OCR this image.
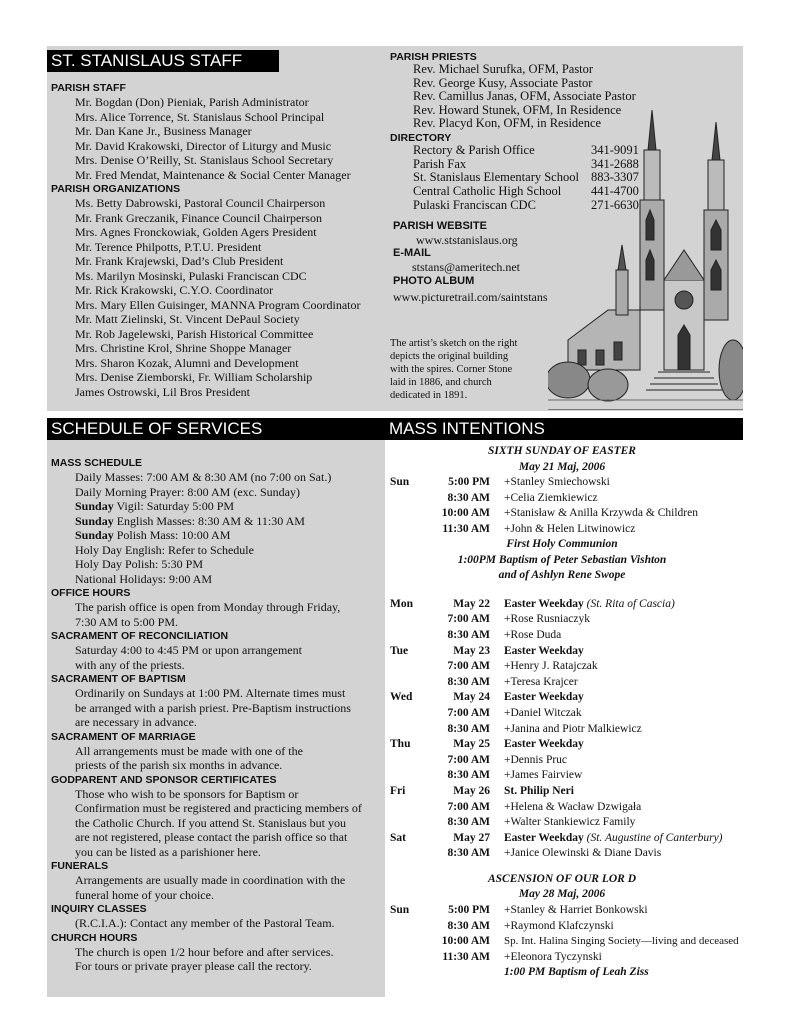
ST. STANISLAUS STAFF
PARISH STAFF
Mr. Bogdan (Don) Pieniak, Parish Administrator
Mrs. Alice Torrence, St. Stanislaus School Principal
Mr. Dan Kane Jr., Business Manager
Mr. David Krakowski, Director of Liturgy and Music
Mrs. Denise O’Reilly, St. Stanislaus School Secretary
Mr. Fred Mendat, Maintenance & Social Center Manager
PARISH ORGANIZATIONS
Ms. Betty Dabrowski, Pastoral Council Chairperson
Mr. Frank Greczanik, Finance Council Chairperson
Mrs. Agnes Fronckowiak, Golden Agers President
Mr. Terence Philpotts, P.T.U. President
Mr. Frank Krajewski, Dad’s Club President
Ms. Marilyn Mosinski, Pulaski Franciscan CDC
Mr. Rick Krakowski, C.Y.O. Coordinator
Mrs. Mary Ellen Guisinger, MANNA Program Coordinator
Mr. Matt Zielinski, St. Vincent DePaul Society
Mr. Rob Jagelewski, Parish Historical Committee
Mrs. Christine Krol, Shrine Shoppe Manager
Mrs. Sharon Kozak, Alumni and Development
Mrs. Denise Ziemborski, Fr. William Scholarship
James Ostrowski, Lil Bros President
PARISH PRIESTS
Rev. Michael Surufka, OFM, Pastor
Rev. George Kusy, Associate Pastor
Rev. Camillus Janas, OFM, Associate Pastor
Rev. Howard Stunek, OFM, In Residence
Rev. Placyd Kon, OFM, in Residence
DIRECTORY
Rectory & Parish Office	341-9091
Parish Fax	341-2688
St. Stanislaus Elementary School 883-3307
Central Catholic High School 441-4700
Pulaski Franciscan CDC	271-6630
PARISH WEBSITE
www.ststanislaus.org
E-MAIL
ststans@ameritech.net
PHOTO ALBUM
www.picturetrail.com/saintstans
The artist’s sketch on the right
depicts the original building
with the spires. Corner Stone
laid in 1886, and church
dedicated in 1891.
SCHEDULE OF SERVICES
MASS SCHEDULE
Daily Masses: 7:00 AM & 8:30 AM (no 7:00 on Sat.)
Daily Morning Prayer: 8:00 AM (exc. Sunday)
Sunday Vigil: Saturday 5:00 PM
Sunday English Masses: 8:30 AM & 11:30 AM
Sunday Polish Mass: 10:00 AM
Holy Day English: Refer to Schedule
Holy Day Polish: 5:30 PM
National Holidays: 9:00 AM
OFFICE HOURS
The parish office is open from Monday through Friday,
7:30 AM to 5:00 PM.
SACRAMENT OF RECONCILIATION
Saturday 4:00 to 4:45 PM or upon arrangement
with any of the priests.
SACRAMENT OF BAPTISM
Ordinarily on Sundays at 1:00 PM. Alternate times must
be arranged with a parish priest. Pre-Baptism instructions
are necessary in advance.
SACRAMENT OF MARRIAGE
All arrangements must be made with one of the
priests of the parish six months in advance.
GODPARENT AND SPONSOR CERTIFICATES
Those who wish to be sponsors for Baptism or
Confirmation must be registered and practicing members of
the Catholic Church. If you attend St. Stanislaus but you
are not registered, please contact the parish office so that
you can be listed as a parishioner here.
FUNERALS
Arrangements are usually made in coordination with the
funeral home of your choice.
INQUIRY CLASSES
(R.C.I.A.): Contact any member of the Pastoral Team.
CHURCH HOURS
The church is open 1/2 hour before and after services.
For tours or private prayer please call the rectory.
MASS INTENTIONS
SIXTH SUNDAY OF EASTER
May 21 Maj, 2006
Sun	5:00 PM	+Stanley Smiechowski
	8:30 AM	+Celia Ziemkiewicz
	10:00 AM	+Stanisław & Anilla Krzywda & Children
	11:30 AM	+John & Helen Litwinowicz
First Holy Communion
1:00PM Baptism of Peter Sebastian Vishton
and of Ashlyn Rene Swope
Mon	May 22	Easter Weekday (St. Rita of Cascia)
	7:00 AM	+Rose Rusniaczyk
	8:30 AM	+Rose Duda
Tue	May 23	Easter Weekday
	7:00 AM	+Henry J. Ratajczak
	8:30 AM	+Teresa Krajcer
Wed	May 24	Easter Weekday
	7:00 AM	+Daniel Witczak
	8:30 AM	+Janina and Piotr Malkiewicz
Thu	May 25	Easter Weekday
	7:00 AM	+Dennis Pruc
	8:30 AM	+James Fairview
Fri	May 26	St. Philip Neri
	7:00 AM	+Helena & Wacław Dzwigała
	8:30 AM	+Walter Stankiewicz Family
Sat	May 27	Easter Weekday (St. Augustine of Canterbury)
	8:30 AM	+Janice Olewinski & Diane Davis
ASCENSION OF OUR LOR D
May 28 Maj, 2006
Sun	5:00 PM	+Stanley & Harriet Bonkowski
	8:30 AM	+Raymond Klafczynski
	10:00 AM	Sp. Int. Halina Singing Society—living and deceased
	11:30 AM	+Eleonora Tyczynski
		1:00 PM Baptism of Leah Ziss
